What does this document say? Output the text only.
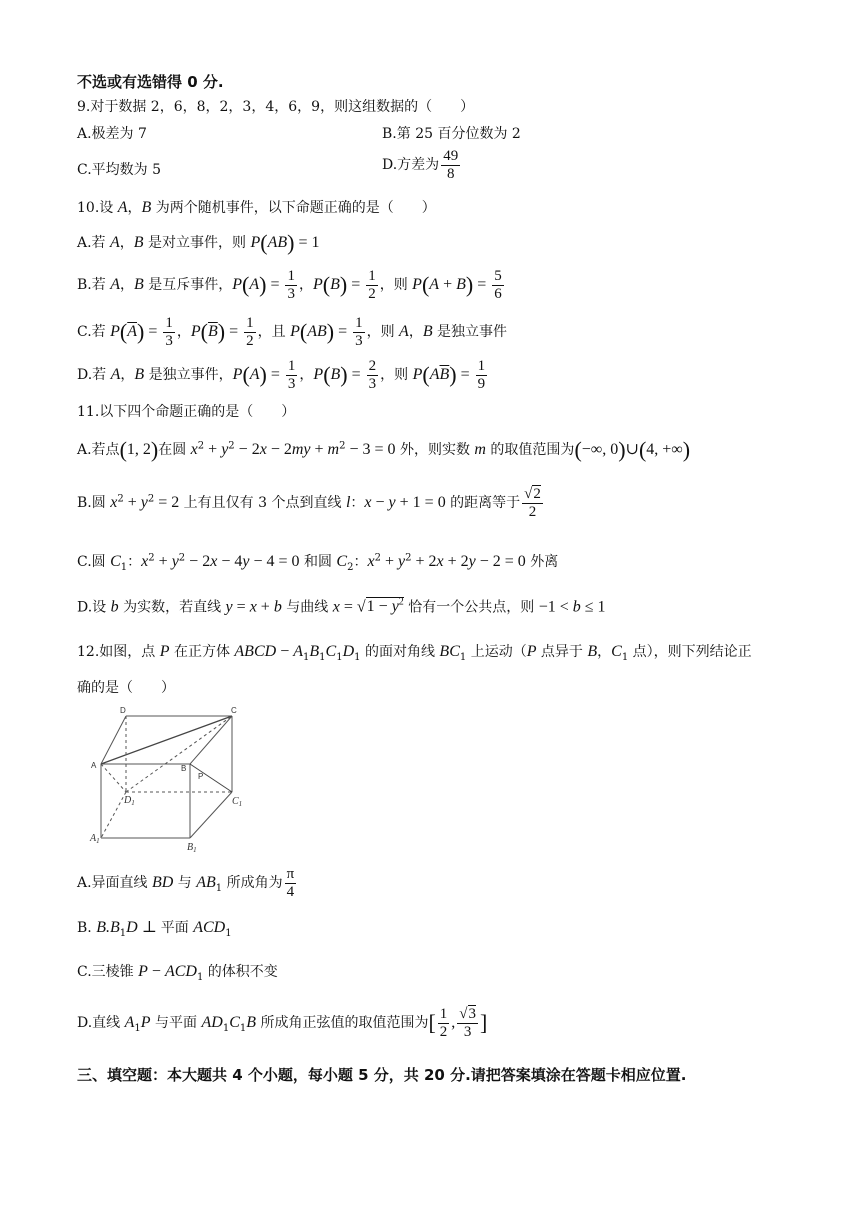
不选或有选错得 0 分.
9.对于数据 2，6，8，2，3，4，6，9，则这组数据的（　　）
A.极差为 7	B.第 25 百分位数为 2
C.平均数为 5	D.方差为 $\frac{49}{8}$
10.设 A，B 为两个随机事件，以下命题正确的是（　　）
A.若 A，B 是对立事件，则 P(AB) = 1
B.若 A，B 是互斥事件，$P(A) = \frac{1}{3}$ ，$P(B) = \frac{1}{2}$ ，则 $P(A + B) = \frac{5}{6}$
C.若 $P(\overline{A}) = \frac{1}{3}$ ，$P(\overline{B}) = \frac{1}{2}$ ，且 $P(AB) = \frac{1}{3}$ ，则 A，B 是独立事件
D.若 A，B 是独立事件，$P(A) = \frac{1}{3}$ ，$P(B) = \frac{2}{3}$ ，则 $P(A\overline{B}) = \frac{1}{9}$
11.以下四个命题正确的是（　　）
A.若点(1, 2)在圆 $x^2 + y^2 - 2x - 2my + m^2 - 3 = 0$ 外，则实数 m 的取值范围为(−∞, 0)∪(4, +∞)
B.圆 $x^2 + y^2 = 2$ 上有且仅有 3 个点到直线 l：x − y + 1 = 0 的距离等于 $\frac{√2}{2}$
C.圆 $C_1$：$x^2 + y^2 - 2x - 4y - 4 = 0$ 和圆 $C_2$：$x^2 + y^2 + 2x + 2y - 2 = 0$ 外离
D.设 b 为实数，若直线 y = x + b 与曲线 $x = √1 - y^2$ 恰有一个公共点，则 −1 < b ≤ 1
12.如图，点 P 在正方体 ABCD − $A_1B_1C_1D_1$ 的面对角线 $BC_1$ 上运动（P 点异于 B，$C_1$ 点），则下列结论正
确的是（　　）
D	C
A	B
P
$D_1$	$C_1$
$A_1$
$B_1$
A.异面直线 BD 与 $AB_1$ 所成角为 $\frac{\pi}{4}$
B. $B.B_1D$ ⊥ 平面 $ACD_1$
C.三棱锥 $P - ACD_1$ 的体积不变
D.直线 $A_1P$ 与平面 $AD_1C_1B$ 所成角正弦值的取值范围为[ $\frac{1}{2}$ , $\frac{√3}{3}$ ]
三、填空题：本大题共 4 个小题，每小题 5 分，共 20 分.请把答案填涂在答题卡相应位置.
